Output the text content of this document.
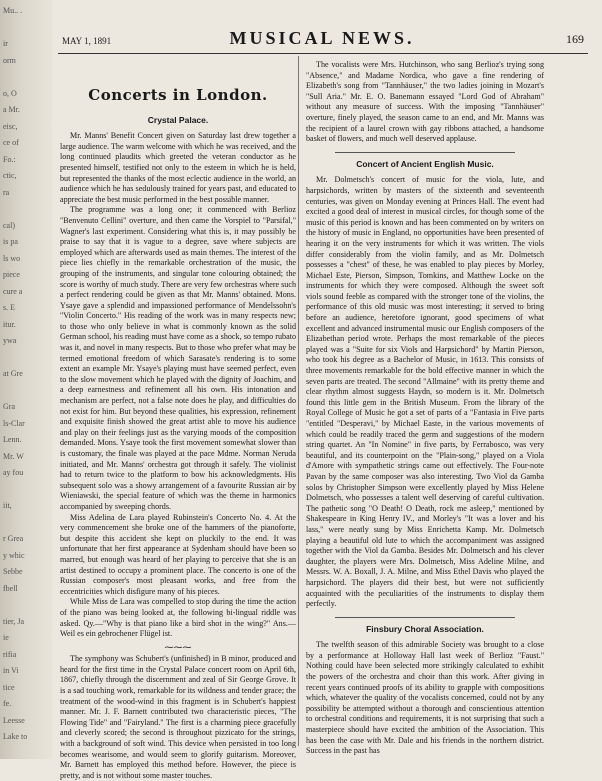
Mu.. .
ir
orm
o, O
a Mr.
eisc,
ce of
Fo.:
ctic,
ra
cal)
is pa
ls wo
piece
cure a
s. E
itur.
ywa
at Gre
Gra
ls-Clar
Lenn.
Mr. W
ay fou
iit,
r Grea
y whic
Sebbe
fbell
tier, Ja
ie
rifia
in Vi
tice
fe.
Leesse
Lake to
MAY 1, 1891	MUSICAL NEWS.	169
Concerts in London.
Crystal Palace.

Mr. Manns' Benefit Concert given on Saturday last drew together a large audience. The warm welcome with which he was received, and the long continued plaudits which greeted the veteran conductor as he presented himself, testified not only to the esteem in which he is held, but represented the thanks of the most eclectic audience in the world, an audience which he has sedulously trained for years past, and educated to appreciate the best music performed in the best possible manner.

The programme was a long one; it commenced with Berlioz "Benvenuto Cellini" overture, and then came the Vorspiel to "Parsifal," Wagner's last experiment. Considering what this is, it may possibly be praise to say that it is vague to a degree, save where subjects are employed which are afterwards used as main themes. The interest of the piece lies chiefly in the remarkable orchestration of the music, the grouping of the instruments, and singular tone colouring obtained; the score is worthy of much study. There are very few orchestras where such a perfect rendering could be given as that Mr. Manns' obtained. Mons. Ysaye gave a splendid and impassioned performance of Mendelssohn's "Violin Concerto." His reading of the work was in many respects new; to those who only believe in what is commonly known as the solid German school, his reading must have come as a shock, so tempo rubato was it, and novel in many respects. But to those who prefer what may be termed emotional freedom of which Sarasate's rendering is to some extent an example Mr. Ysaye's playing must have seemed perfect, even to the slow movement which he played with the dignity of Joachim, and a deep earnestness and refinement all his own. His intonation and mechanism are perfect, not a false note does he play, and difficulties do not exist for him. But beyond these qualities, his expression, refinement and exquisite finish showed the great artist able to move his audience and play on their feelings just as the varying moods of the composition demanded. Mons. Ysaye took the first movement somewhat slower than is customary, the finale was played at the pace Mdme. Norman Neruda initiated, and Mr. Manns' orchestra got through it safely. The violinist had to return twice to the platform to bow his acknowledgments. His subsequent solo was a showy arrangement of a favourite Russian air by Wieniawski, the special feature of which was the theme in harmonics accompanied by sweeping chords.

Miss Adelina de Lara played Rubinstein's Concerto No. 4. At the very commencement she broke one of the hammers of the pianoforte, but despite this accident she kept on pluckily to the end. It was unfortunate that her first appearance at Sydenham should have been so marred, but enough was heard of her playing to perceive that she is an artist destined to occupy a prominent place. The concerto is one of the Russian composer's most pleasant works, and free from the eccentricities which disfigure many of his pieces.

While Miss de Lara was compelled to stop during the time the action of the piano was being looked at, the following bi-lingual riddle was asked. Qy.—"Why is that piano like a bird shot in the wing?" Ans.—Weil es ein gebrochener Flügel ist.

⁓⁓⁓

The symphony was Schubert's (unfinished) in B minor, produced and heard for the first time in the Crystal Palace concert room on April 6th, 1867, chiefly through the discernment and zeal of Sir George Grove. It is a sad touching work, remarkable for its wildness and tender grace; the treatment of the wood-wind in this fragment is in Schubert's happiest manner. Mr. J. F. Barnett contributed two characteristic pieces, "The Flowing Tide" and "Fairyland." The first is a charming piece gracefully and cleverly scored; the second is throughout pizzicato for the strings, with a background of soft wind. This device when persisted in too long becomes wearisome, and would seem to glorify guitarism. Moreover, Mr. Barnett has employed this method before. However, the piece is pretty, and is not without some master touches.

The vocalists were Mrs. Hutchinson, who sang Berlioz's trying song "Absence," and Madame Nordica, who gave a fine rendering of Elizabeth's song from "Tannhäuser," the two ladies joining in Mozart's "Sull Aria." Mr. E. O. Banemann essayed "Lord God of Abraham" without any measure of success. With the imposing "Tannhäuser" overture, finely played, the season came to an end, and Mr. Manns was the recipient of a laurel crown with gay ribbons attached, a handsome basket of flowers, and much well deserved applause.

Concert of Ancient English Music.

Mr. Dolmetsch's concert of music for the viola, lute, and harpsichords, written by masters of the sixteenth and seventeenth centuries, was given on Monday evening at Princes Hall. The event had excited a good deal of interest in musical circles, for though some of the music of this period is known and has been commented on by writers on the history of music in England, no opportunities have been presented of hearing it on the very instruments for which it was written. The viols differ considerably from the violin family, and as Mr. Dolmetsch possesses a "chest" of these, he was enabled to play pieces by Morley, Michael Este, Pierson, Simpson, Tomkins, and Matthew Locke on the instruments for which they were composed. Although the sweet soft viols sound feeble as compared with the stronger tone of the violins, the performance of this old music was most interesting; it served to bring before an audience, heretofore ignorant, good specimens of what excellent and advanced instrumental music our English composers of the Elizabethan period wrote. Perhaps the most remarkable of the pieces played was a "Suite for six Viols and Harpsichord" by Martin Pierson, who took his degree as a Bachelor of Music, in 1613. This consists of three movements remarkable for the bold effective manner in which the seven parts are treated. The second "Allmaine" with its pretty theme and clear rhythm almost suggests Haydn, so modern is it. Mr. Dolmetsch found this little gem in the British Museum. From the library of the Royal College of Music he got a set of parts of a "Fantasia in Five parts "entitled "Desperavi," by Michael Easte, in the various movements of which could be readily traced the germ and suggestions of the modern string quartet. An "In Nomine" in five parts, by Ferrabosco, was very beautiful, and its counterpoint on the "Plain-song," played on a Viola d'Amore with sympathetic strings came out effectively. The Four-note Pavan by the same composer was also interesting. Two Viol da Gamba solos by Christopher Simpson were excellently played by Miss Helene Dolmetsch, who possesses a talent well deserving of careful cultivation. The pathetic song "O Death! O Death, rock me asleep," mentioned by Shakespeare in King Henry IV., and Morley's "It was a lover and his lass," were neatly sung by Miss Enrichetta Kamp. Mr. Dolmetsch playing a beautiful old lute to which the accompaniment was assigned together with the Viol da Gamba. Besides Mr. Dolmetsch and his clever daughter, the players were Mrs. Dolmetsch, Miss Adeline Milne, and Messrs. W. A. Boxall, J. A. Milne, and Miss Ethel Davis who played the harpsichord. The players did their best, but were not sufficiently acquainted with the peculiarities of the instruments to display them perfectly.

Finsbury Choral Association.

The twelfth season of this admirable Society was brought to a close by a performance at Holloway Hall last week of Berlioz "Faust." Nothing could have been selected more strikingly calculated to exhibit the powers of the orchestra and choir than this work. After giving in recent years continued proofs of its ability to grapple with compositions which, whatever the quality of the vocalists concerned, could not by any possibility be attempted without a thorough and conscientious attention to orchestral conditions and requirements, it is not surprising that such a masterpiece should have excited the ambition of the Association. This has been the case with Mr. Dale and his friends in the northern district. Success in the past has
